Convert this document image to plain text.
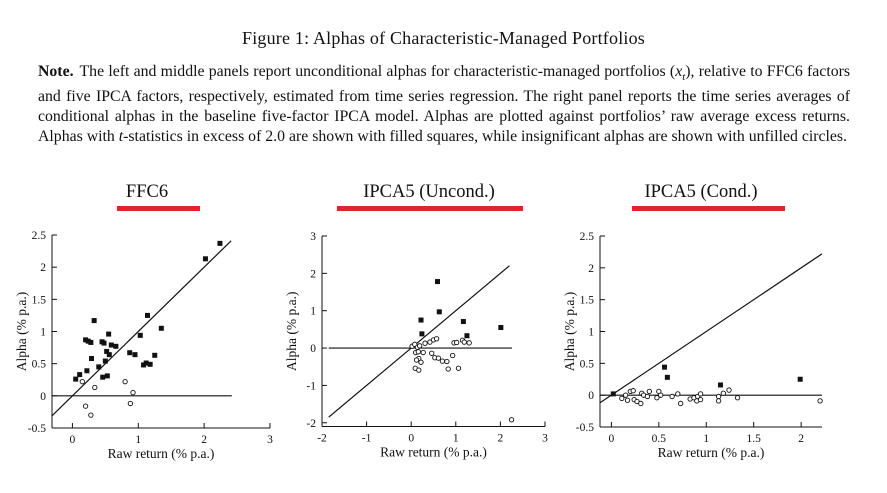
Figure 1: Alphas of Characteristic-Managed Portfolios

Note. The left and middle panels report unconditional alphas for characteristic-managed portfolios $(x_t)$, relative to FFC6 factors and five IPCA factors, respectively, estimated from time series regression. The right panel reports the time series averages of conditional alphas in the baseline five-factor IPCA model. Alphas are plotted against portfolios’ raw average excess returns. Alphas with t-statistics in excess of 2.0 are shown with filled squares, while insignificant alphas are shown with unfilled circles.

FFC6	IPCA5 (Uncond.)	IPCA5 (Cond.)
0	1	2	3
-0.5
0
0.5
1
1.5
2
2.5
Raw return (% p.a.)
Alpha (% p.a.)
-2	-1	0	1	2	3
-2
-1
0
1
2
3
Raw return (% p.a.)
Alpha (% p.a.)
0	0.5	1	1.5	2
-0.5
0
0.5
1
1.5
2
2.5
Raw return (% p.a.)
Alpha (% p.a.)
